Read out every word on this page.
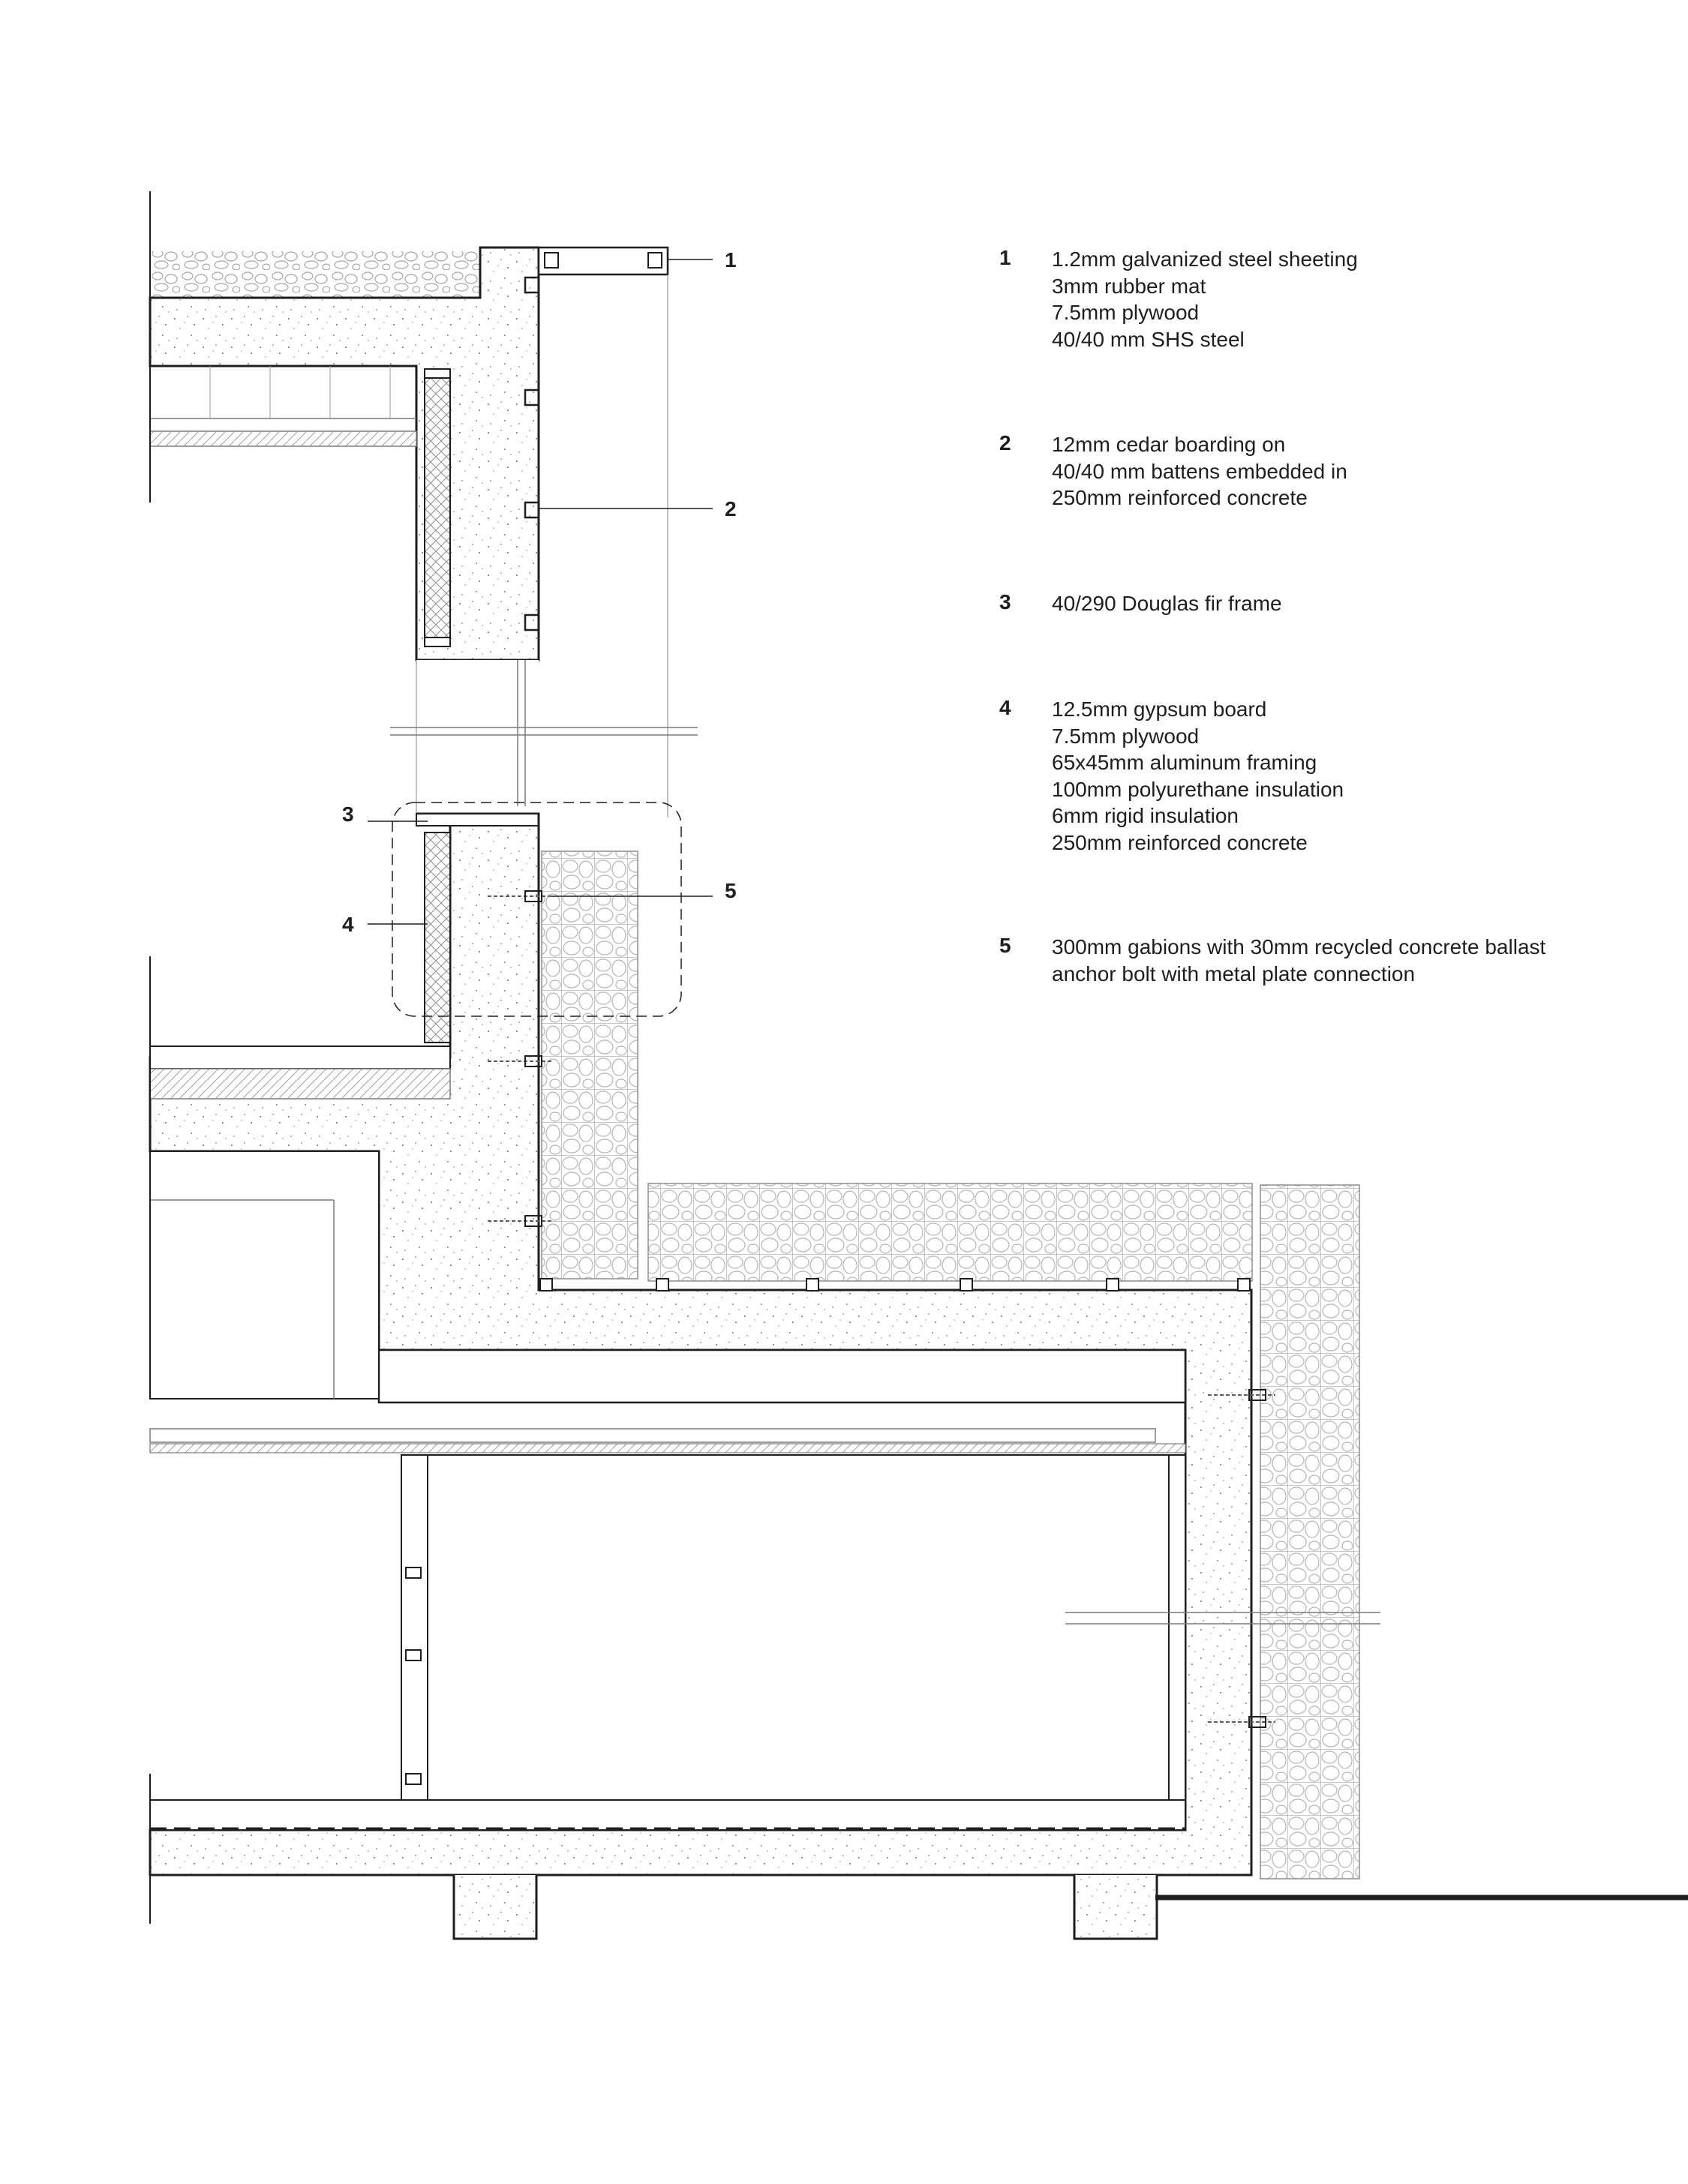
1
2
3
4
5
1 1.2mm galvanized steel sheeting
3mm rubber mat
7.5mm plywood
40/40 mm SHS steel
2 12mm cedar boarding on
40/40 mm battens embedded in
250mm reinforced concrete
3 40/290 Douglas fir frame
4 12.5mm gypsum board
7.5mm plywood
65x45mm aluminum framing
100mm polyurethane insulation
6mm rigid insulation
250mm reinforced concrete
5 300mm gabions with 30mm recycled concrete ballast
anchor bolt with metal plate connection
